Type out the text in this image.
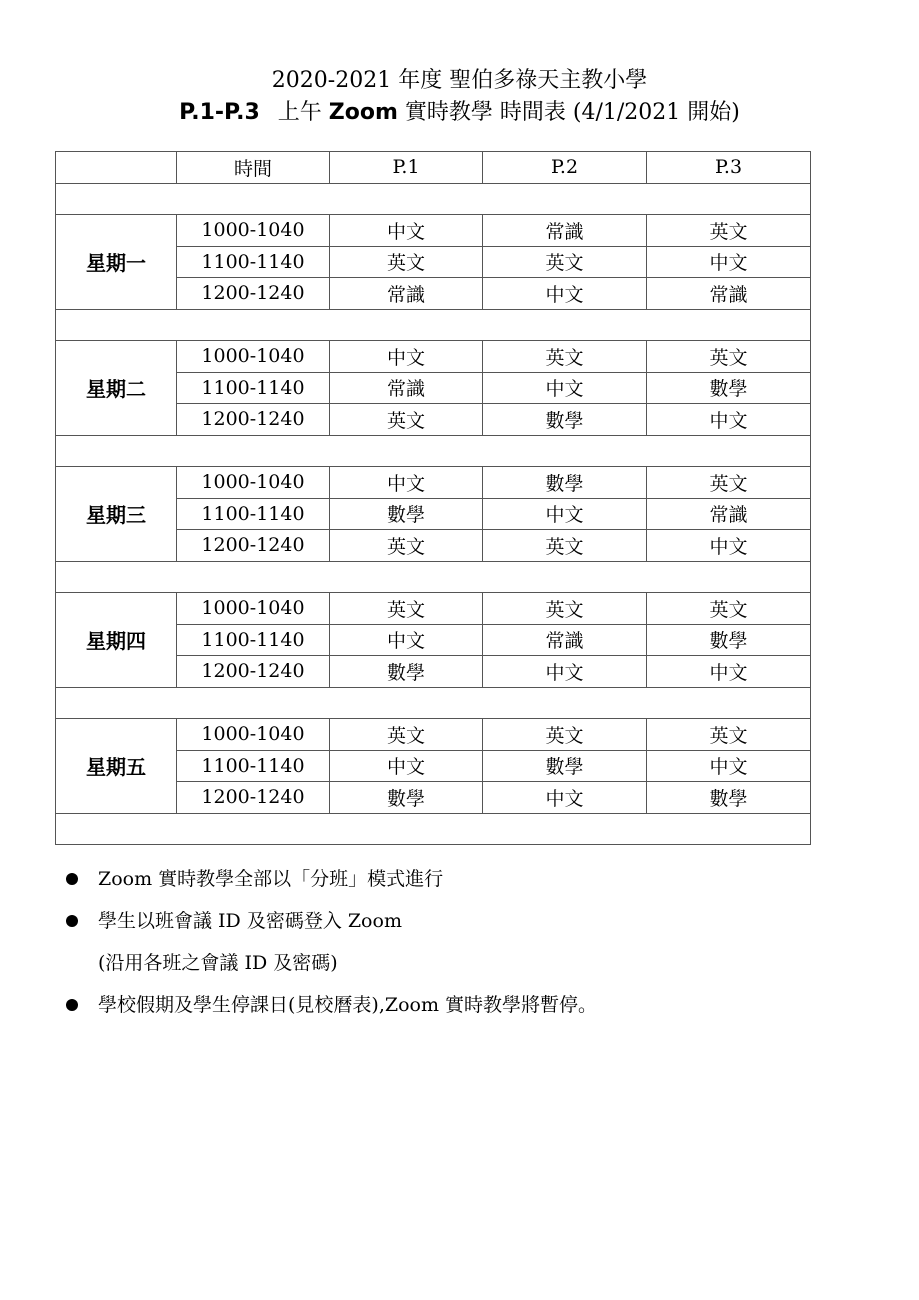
2020-2021 年度 聖伯多祿天主教小學
P.1-P.3 上午 Zoom 實時教學 時間表 (4/1/2021 開始)
	時間	P.1	P.2	P.3

星期一	1000-1040	中文	常識	英文
	1100-1140	英文	英文	中文
	1200-1240	常識	中文	常識

星期二	1000-1040	中文	英文	英文
	1100-1140	常識	中文	數學
	1200-1240	英文	數學	中文

星期三	1000-1040	中文	數學	英文
	1100-1140	數學	中文	常識
	1200-1240	英文	英文	中文

星期四	1000-1040	英文	英文	英文
	1100-1140	中文	常識	數學
	1200-1240	數學	中文	中文

星期五	1000-1040	英文	英文	英文
	1100-1140	中文	數學	中文
	1200-1240	數學	中文	數學

Zoom 實時教學全部以「分班」模式進行
學生以班會議 ID 及密碼登入 Zoom
(沿用各班之會議 ID 及密碼)
學校假期及學生停課日(見校曆表),Zoom 實時教學將暫停。
